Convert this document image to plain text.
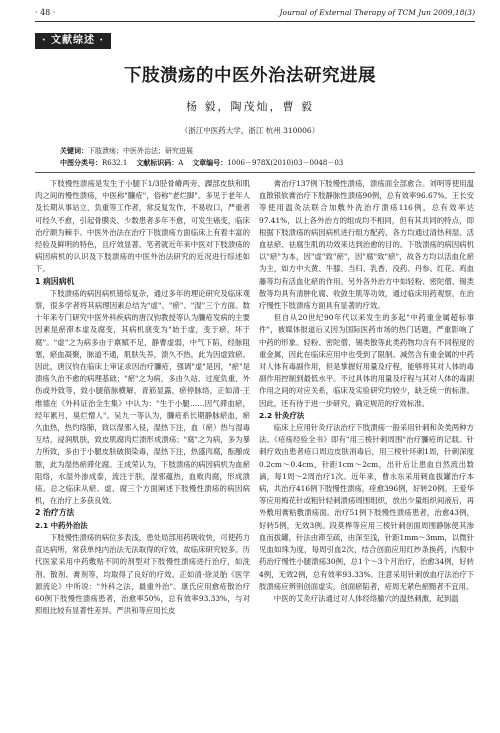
· 48 ·	Journal of External Therapy of TCM Jun 2009,18(3)
· 文献综述 ·
下肢溃疡的中医外治法研究进展
杨 毅，陶茂灿，曹 毅
（浙江中医药大学，浙江 杭州 310006）
关键词：下肢溃疡；中医外治法；研究进展
中图分类号：R632.1 文献标识码：A 文章编号：1006－978X(2010)03－0048－03

下肢慢性溃疡是发生于小腿下1/3胫骨嵴两旁、踝部皮肤和肌肉之间的慢性溃疡，中医称"臁疮"，俗称"老烂脚"。多见于老年人及长期从事站立、负重等工作者，常反复发作，不易收口，严重者可经久不愈，引起骨膜炎、少数患者多年不愈，可发生癌变，临床治疗颇为棘手。中医外治法在治疗下肢溃疡方面临床上有着丰富的经验及鲜明的特色，且疗效显著。笔者就近年来中医对下肢溃疡的病因病机的认识及下肢溃疡的中医外治法研究的近况进行综述如下。

1 病因病机

下肢溃疡的病因病机错综复杂，通过多年的理论研究及临床观察，很多学者将其病理因素总结为"虚"、"瘀"、"湿"三个方面。数十年来专门研究中医外科疾病的唐汉钧教授等认为臁疮发病的主要因素是瘀滞本虚及腐变，其病机演变为"始于虚，变于瘀，坏于腐"。"虚"之为病多由于禀赋不足，静曹虚弱，中气下陷，经脉阻塞，瘀血凝聚，脉道不通，肌肤失养，溃久不热，此为因虚致瘀。因此，唐汉钧在临床上审证求因治疗臁疮，强调"虚"是因，"瘀"是溃疡久治不愈的病理基础；"瘀"之为病，多由久站、过度负重、外伤或外致等，致小腿筋脉横解，青筋显露，瘀停脉络，正如清·王维德在《外科证治全生集》中认为："生于小腿……因气滞血瘀，经年累月，臭烂憎人"。吴九一等认为，臁疮系长期静脉瘀血，瘀久血热，热灼络肺，致以湿邪入侵，湿热下注，血（瘀）热与湿毒互结，浸润肌肤，致皮肌腐肉烂溃形成溃疡；"腐"之为病，多为暴力所致，多由于小腿皮肤破损染毒，湿热下注，热盛肉腐，酝酿成脓，此为湿热瘀滞化腐。王成荣认为，下肢溃疡的病因病机为血瘀阻络，水湿外渗成泰，流注于肤，湿邪蕴热，血败肉腐，形成溃疡。总之临床从瘀、虚、腐三个方面阐述下肢慢性溃疡的病因病机，在治疗上多获良效。

2 治疗方法
2.1 中药外治法

下肢慢性溃疡的病位多表浅，患处局部用药吸收快，可使药力直达病所，常获单纯内治法无法取得的疗效，故临床研究较多。历代医家采用中药敷贴不同的剂型对下肢慢性溃疡进行治疗，如洗剂、散剂、膏剂等，均取得了良好的疗效。正如清·徐灵胎《医学源流论》中所说："外科之法，最重外治"。康氏应用愈疮散治疗60例下肢慢性溃疡患者，治愈率50%，总有效率93.33%，与对照组比较有显著性差异。严洪和等应用长皮

膏治疗137例下肢慢性溃疡，溃疡面全部愈合。刘明等使用温血散银软膏治疗下肢静脉性溃疡90例，总有效率96.67%。王长安等使用温灸法联合加敷外洗治疗溃疡116例，总有效率达97.41%，以上各外治方的组成均不相同，但有其共同的特点，即根据下肢溃疡的病因病机进行组方配药，各方均通过清热利湿、活血祛瘀、祛腐生肌的功效来达到治愈的目的。下肢溃疡的病因病机以"瘀"为本，因"虚"致"瘀"，因"腐"致"瘀"，故各方均以活血化瘀为主，如方中大黄、牛膝、当归、乳香、没药、丹参、红花、鸡血藤等均有活血化瘀的作用。另外各外治方中如轻粉、密陀僧、锡类散等均具有清肿化腐、收敛生肌等功效，通过临床用药观察，在治疗慢性下肢溃疡方面具有显著的疗效。

但自从20世纪90年代以来发生的多起"中药重金属超标事件"，被媒体报道后又因为国际医药市场的热门话题，严重影响了中药的形象。轻粉、密陀僧、锡类散等此类药物均含有不同程度的重金属，因此在临床应用中也受到了限制。减然含有重金属的中药对人体有毒副作用，但是掌握好用量及疗程，能够将其对人体的毒副作用控制到最低水平。不过具体的用量及疗程与其对人体的毒副作用之间的对应关系，临床及实验研究均较少，缺乏统一的标准。因此，还有待于进一步研究，确定规范的疗效标准。

2.2 针灸疗法

临床上应用针灸疗法治疗下肢溃疡一般采用针刺和灸类两种方法。《疮疡经验全书》即有"用三棱针刺周围"治疗臁疮的记载。针刺疗效由患者疮口周边皮肤消毒后，用三棱针环刺1周，针刺深度0.2cm～0.4cm，针距1cm～2cm，出针后让患血自然流出数滴，每1周～2周治疗1次。近年来，曹永东采用刺血拔罐治疗本病，共治疗416例下肢慢性溃疡，痊愈396例，好转20例。王爱华等应用梅花针或粗针轻刺溃疡周围组织，放出少量组织间液后，再外敷用膏粘敷溃疡面。治疗51例下肢慢性溃疡患者，治愈43例，好转5例，无效3例。段莫桦等应用三棱针刺创面周围静脉使其渗血而拔罐，针法由滞至疏，由深至浅，针距1mm～3mm，以微针见血如珠为度，每周引血2次，结合创面应用红纱条换药，内服中药治疗慢性小腿溃疡30例，总1个～3个月治疗，治愈34例，好转4例，无效2例，总有效率93.33%。注意采用针刺放血疗法治疗下肢溃疡应辨别创面虚实，创面瘀陷者，疮周无紧色瘀黯者不宜用。

中医的艾灸疗法通过对人体经络腧穴的温热刺激，起到温
